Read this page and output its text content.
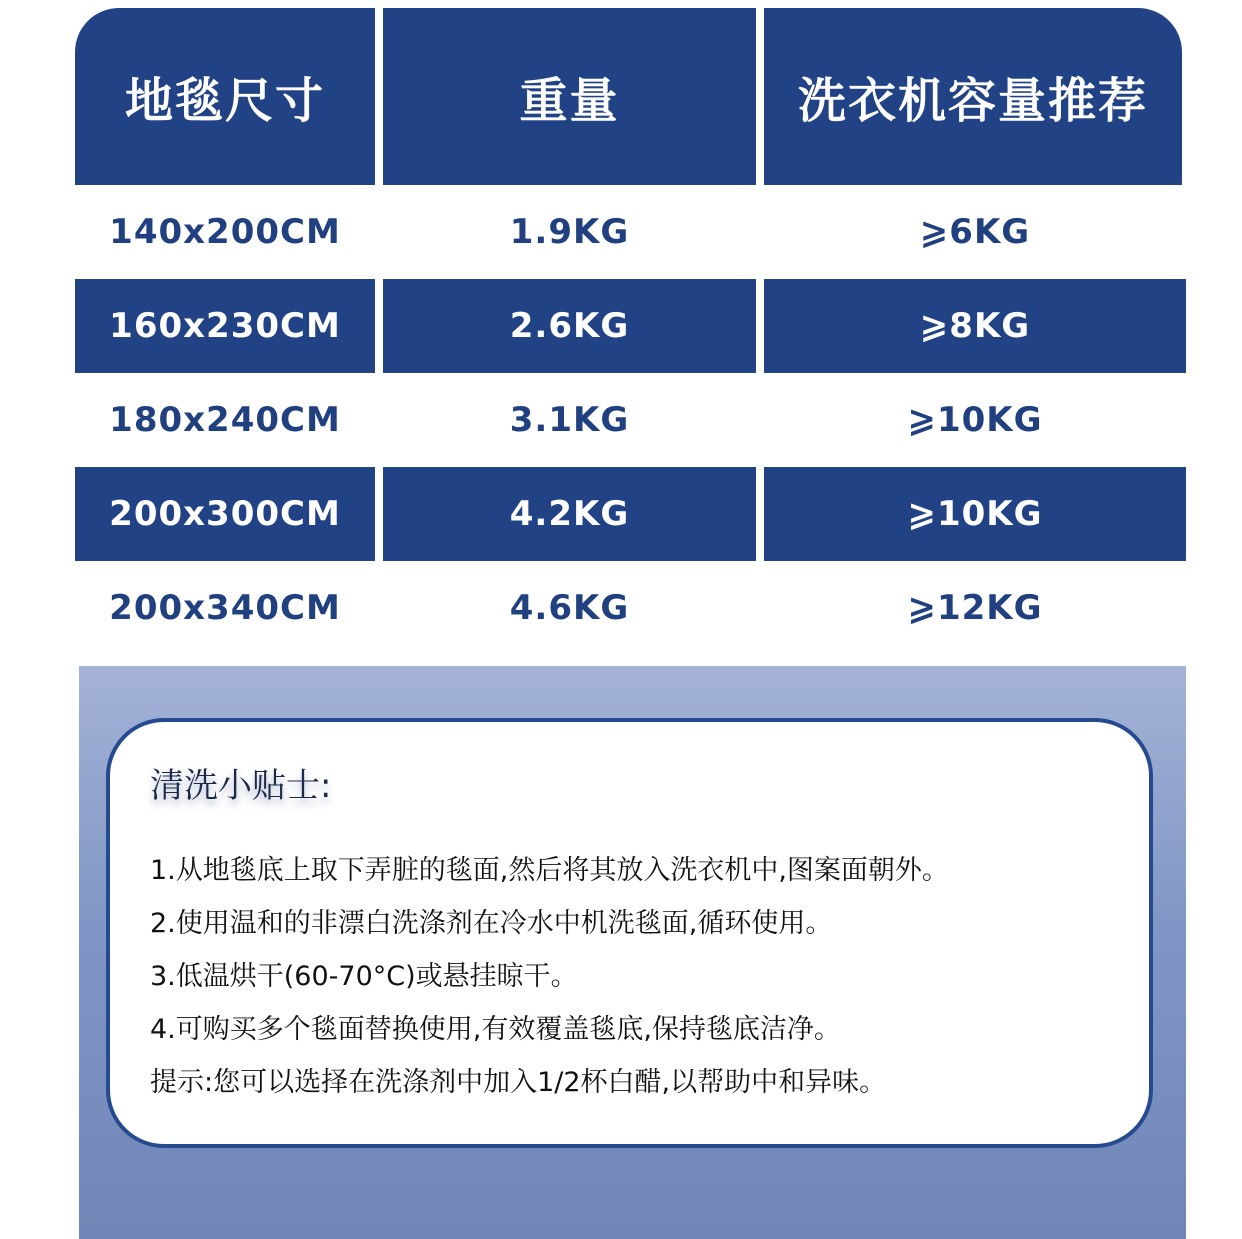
地毯尺寸	重量	洗衣机容量推荐
140x200CM	1.9KG	⩾6KG
160x230CM	2.6KG	⩾8KG
180x240CM	3.1KG	⩾10KG
200x300CM	4.2KG	⩾10KG
200x340CM	4.6KG	⩾12KG
清洗小贴士:
1.从地毯底上取下弄脏的毯面,然后将其放入洗衣机中,图案面朝外。
2.使用温和的非漂白洗涤剂在冷水中机洗毯面,循环使用。
3.低温烘干(60-70°C)或悬挂晾干。
4.可购买多个毯面替换使用,有效覆盖毯底,保持毯底洁净。
提示:您可以选择在洗涤剂中加入1/2杯白醋,以帮助中和异味。
